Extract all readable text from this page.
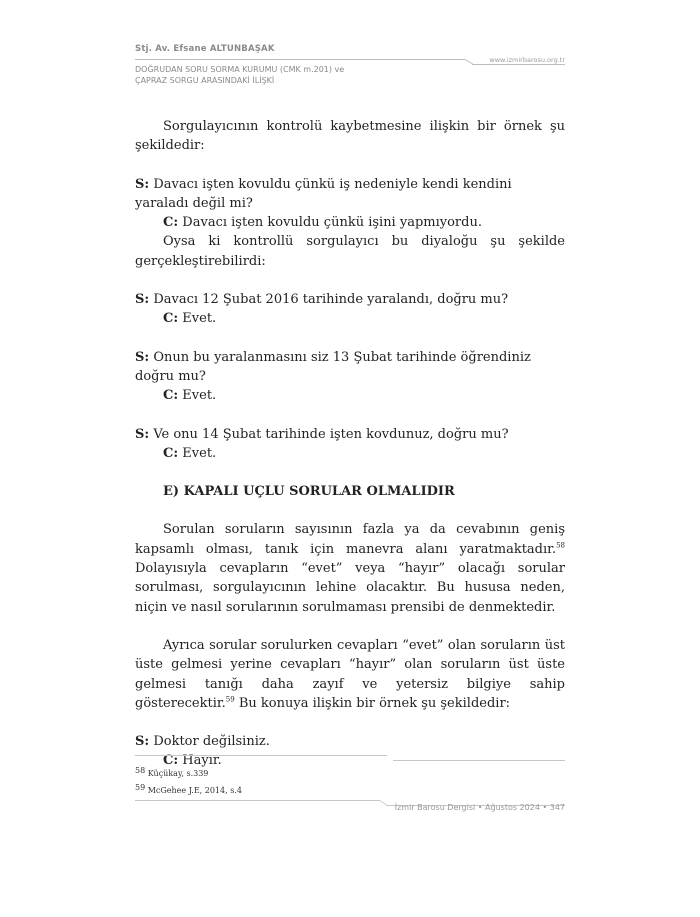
Stj. Av. Efsane ALTUNBAŞAK
www.izmirbarosu.org.tr
DOĞRUDAN SORU SORMA KURUMU (CMK m.201) ve
ÇAPRAZ SORGU ARASINDAKİ İLİŞKİ

Sorgulayıcının kontrolü kaybetmesine ilişkin bir örnek şu şekildedir:

S: Davacı işten kovuldu çünkü iş nedeniyle kendi kendini yaraladı değil mi?

C: Davacı işten kovuldu çünkü işini yapmıyordu.

Oysa ki kontrollü sorgulayıcı bu diyaloğu şu şekilde gerçekleştirebilirdi:

S: Davacı 12 Şubat 2016 tarihinde yaralandı, doğru mu?

C: Evet.

S: Onun bu yaralanmasını siz 13 Şubat tarihinde öğrendiniz doğru mu?

C: Evet.

S: Ve onu 14 Şubat tarihinde işten kovdunuz, doğru mu?

C: Evet.

E) KAPALI UÇLU SORULAR OLMALIDIR

Sorulan soruların sayısının fazla ya da cevabının geniş kapsamlı olması, tanık için manevra alanı yaratmaktadır.$^{58}$ Dolayısıyla cevapların “evet” veya “hayır” olacağı sorular sorulması, sorgulayıcının lehine olacaktır. Bu hususa neden, niçin ve nasıl sorularının sorulmaması prensibi de denmektedir.

Ayrıca sorular sorulurken cevapları “evet” olan soruların üst üste gelmesi yerine cevapları “hayır” olan soruların üst üste gelmesi tanığı daha zayıf ve yetersiz bilgiye sahip gösterecektir.$^{59}$ Bu konuya ilişkin bir örnek şu şekildedir:

S: Doktor değilsiniz.

C: Hayır.

$^{58}$ Küçükay, s.339
$^{59}$ McGehee J.E, 2014, s.4
İzmir Barosu Dergisi • Ağustos 2024 • 347
